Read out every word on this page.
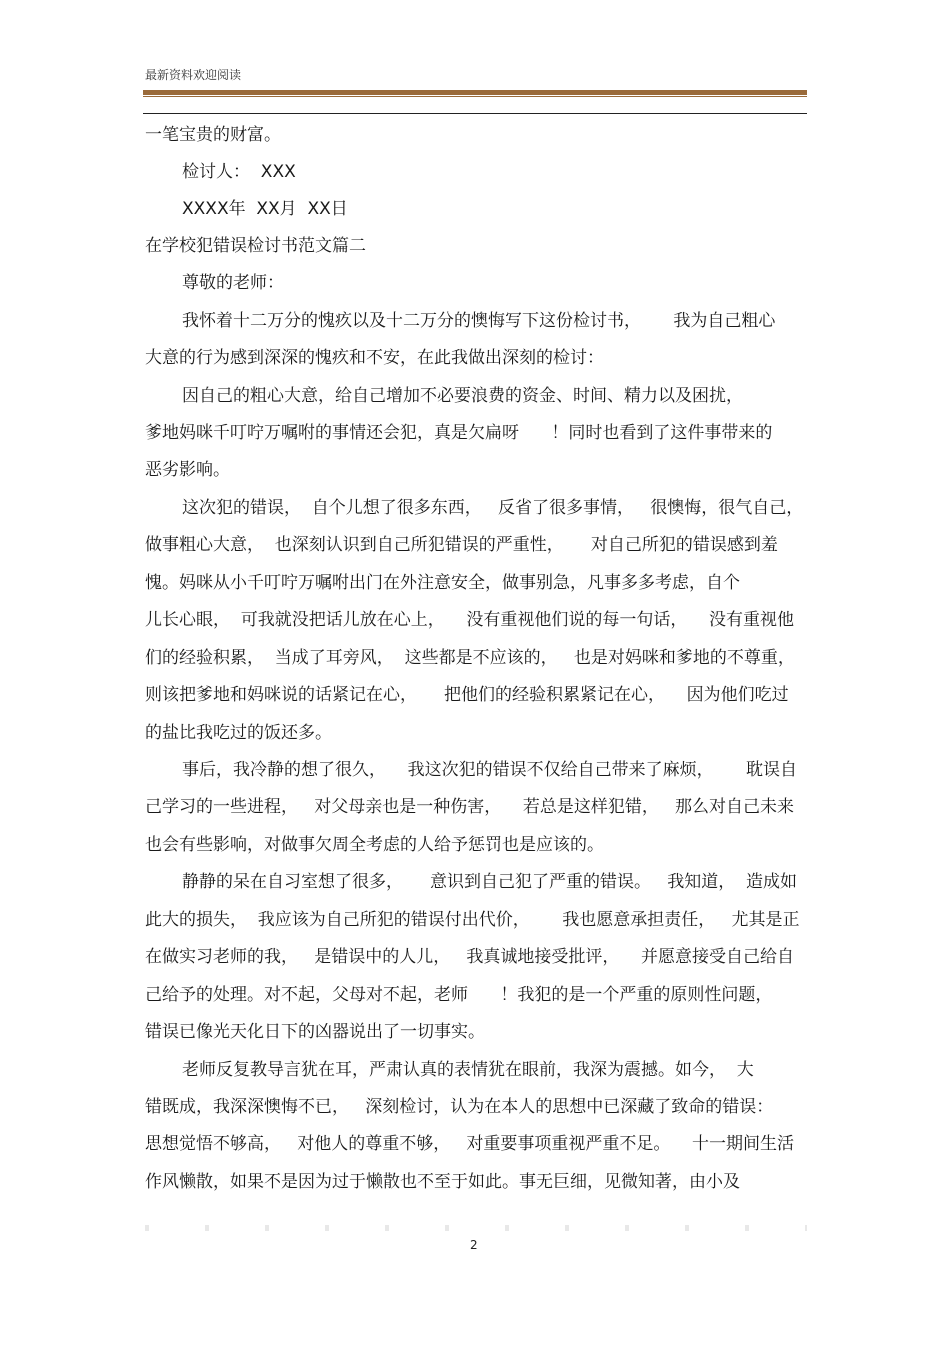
最新资料欢迎阅读
一笔宝贵的财富。
检讨人：  XXX
XXXX年  XX月  XX日
在学校犯错误检讨书范文篇二
尊敬的老师：
我怀着十二万分的愧疚以及十二万分的懊悔写下这份检讨书，      我为自己粗心
大意的行为感到深深的愧疚和不安，在此我做出深刻的检讨：
因自己的粗心大意，给自己增加不必要浪费的资金、时间、精力以及困扰，
爹地妈咪千叮咛万嘱咐的事情还会犯，真是欠扁呀      ！同时也看到了这件事带来的
恶劣影响。
这次犯的错误，  自个儿想了很多东西，   反省了很多事情，   很懊悔，很气自己，
做事粗心大意，  也深刻认识到自己所犯错误的严重性，     对自己所犯的错误感到羞
愧。妈咪从小千叮咛万嘱咐出门在外注意安全，做事别急，凡事多多考虑，自个
儿长心眼，  可我就没把话儿放在心上，    没有重视他们说的每一句话，    没有重视他
们的经验积累，  当成了耳旁风，  这些都是不应该的，   也是对妈咪和爹地的不尊重，
则该把爹地和妈咪说的话紧记在心，     把他们的经验积累紧记在心，    因为他们吃过
的盐比我吃过的饭还多。
事后，我冷静的想了很久，    我这次犯的错误不仅给自己带来了麻烦，      耽误自
己学习的一些进程，   对父母亲也是一种伤害，    若总是这样犯错，   那么对自己未来
也会有些影响，对做事欠周全考虑的人给予惩罚也是应该的。
静静的呆在自习室想了很多，     意识到自己犯了严重的错误。   我知道，  造成如
此大的损失，  我应该为自己所犯的错误付出代价，      我也愿意承担责任，   尤其是正
在做实习老师的我，   是错误中的人儿，   我真诚地接受批评，    并愿意接受自己给自
己给予的处理。对不起，父母对不起，老师      ！我犯的是一个严重的原则性问题，
错误已像光天化日下的凶器说出了一切事实。
老师反复教导言犹在耳，严肃认真的表情犹在眼前，我深为震撼。如今，  大
错既成，我深深懊悔不已，   深刻检讨，认为在本人的思想中已深藏了致命的错误：
思想觉悟不够高，   对他人的尊重不够，   对重要事项重视严重不足。    十一期间生活
作风懒散，如果不是因为过于懒散也不至于如此。事无巨细，见微知著，由小及
2
